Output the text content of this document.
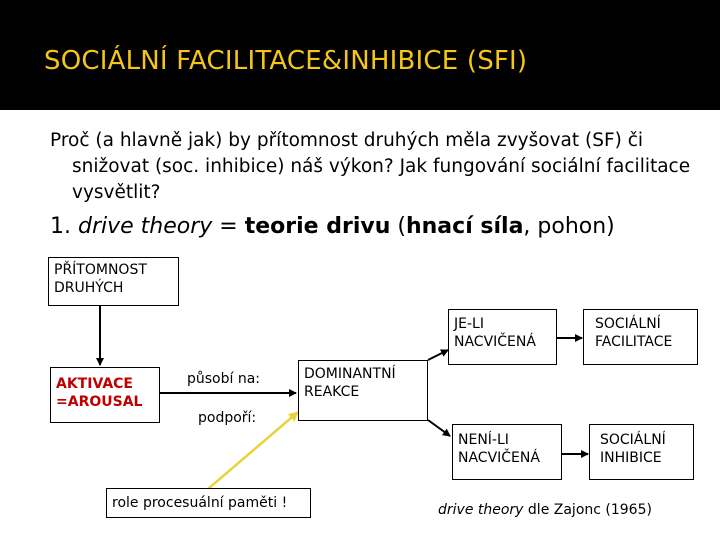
SOCIÁLNÍ FACILITACE&INHIBICE (SFI)
Proč (a hlavně jak) by přítomnost druhých měla zvyšovat (SF) či snižovat (soc. inhibice) náš výkon? Jak fungování sociální facilitace vysvětlit?
1. drive theory = teorie drivu (hnací síla, pohon)
PŘÍTOMNOST
DRUHÝCH
AKTIVACE
=AROUSAL
působí na:
podpoří:
DOMINANTNÍ
REAKCE
JE-LI
NACVIČENÁ
SOCIÁLNÍ
FACILITACE
NENÍ-LI
NACVIČENÁ
SOCIÁLNÍ
INHIBICE
role procesuální paměti !	drive theory dle Zajonc (1965)
